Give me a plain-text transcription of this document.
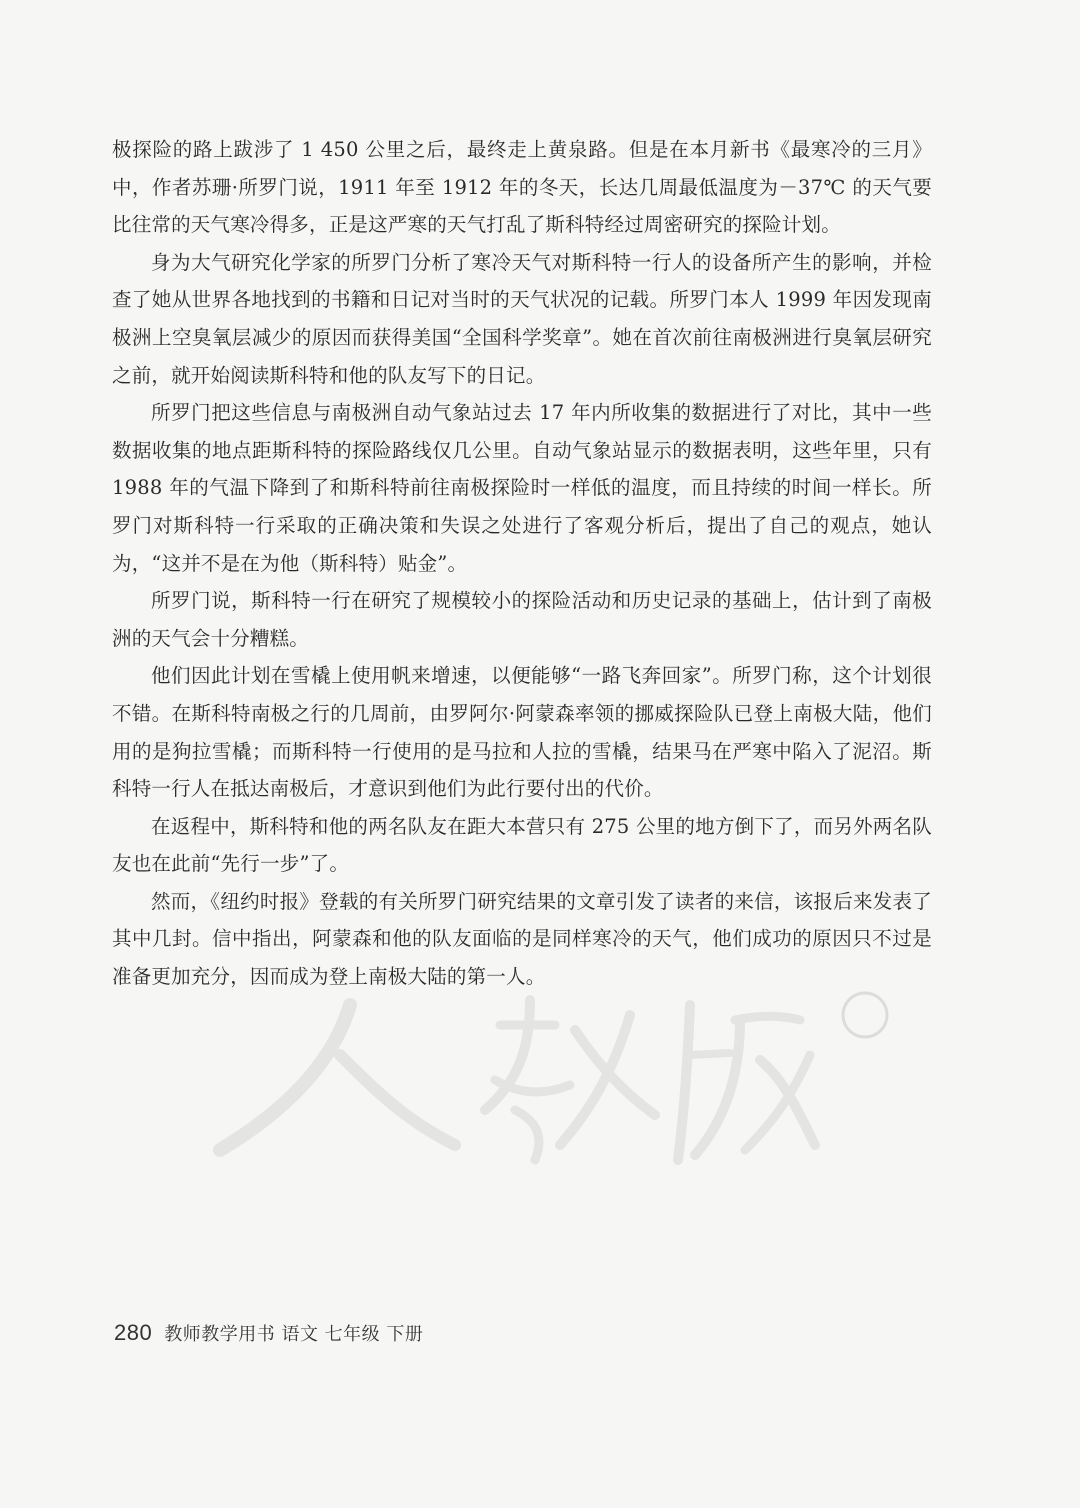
极探险的路上跋涉了 1 450 公里之后，最终走上黄泉路。但是在本月新书《最寒冷的三月》中，作者苏珊·所罗门说，1911 年至 1912 年的冬天，长达几周最低温度为－37℃ 的天气要比往常的天气寒冷得多，正是这严寒的天气打乱了斯科特经过周密研究的探险计划。

身为大气研究化学家的所罗门分析了寒冷天气对斯科特一行人的设备所产生的影响，并检查了她从世界各地找到的书籍和日记对当时的天气状况的记载。所罗门本人 1999 年因发现南极洲上空臭氧层减少的原因而获得美国“全国科学奖章”。她在首次前往南极洲进行臭氧层研究之前，就开始阅读斯科特和他的队友写下的日记。

所罗门把这些信息与南极洲自动气象站过去 17 年内所收集的数据进行了对比，其中一些数据收集的地点距斯科特的探险路线仅几公里。自动气象站显示的数据表明，这些年里，只有 1988 年的气温下降到了和斯科特前往南极探险时一样低的温度，而且持续的时间一样长。所罗门对斯科特一行采取的正确决策和失误之处进行了客观分析后，提出了自己的观点，她认为，“这并不是在为他（斯科特）贴金”。

所罗门说，斯科特一行在研究了规模较小的探险活动和历史记录的基础上，估计到了南极洲的天气会十分糟糕。

他们因此计划在雪橇上使用帆来增速，以便能够“一路飞奔回家”。所罗门称，这个计划很不错。在斯科特南极之行的几周前，由罗阿尔·阿蒙森率领的挪威探险队已登上南极大陆，他们用的是狗拉雪橇；而斯科特一行使用的是马拉和人拉的雪橇，结果马在严寒中陷入了泥沼。斯科特一行人在抵达南极后，才意识到他们为此行要付出的代价。

在返程中，斯科特和他的两名队友在距大本营只有 275 公里的地方倒下了，而另外两名队友也在此前“先行一步”了。

然而，《纽约时报》登载的有关所罗门研究结果的文章引发了读者的来信，该报后来发表了其中几封。信中指出，阿蒙森和他的队友面临的是同样寒冷的天气，他们成功的原因只不过是准备更加充分，因而成为登上南极大陆的第一人。

280 教师教学用书 语文 七年级 下册
